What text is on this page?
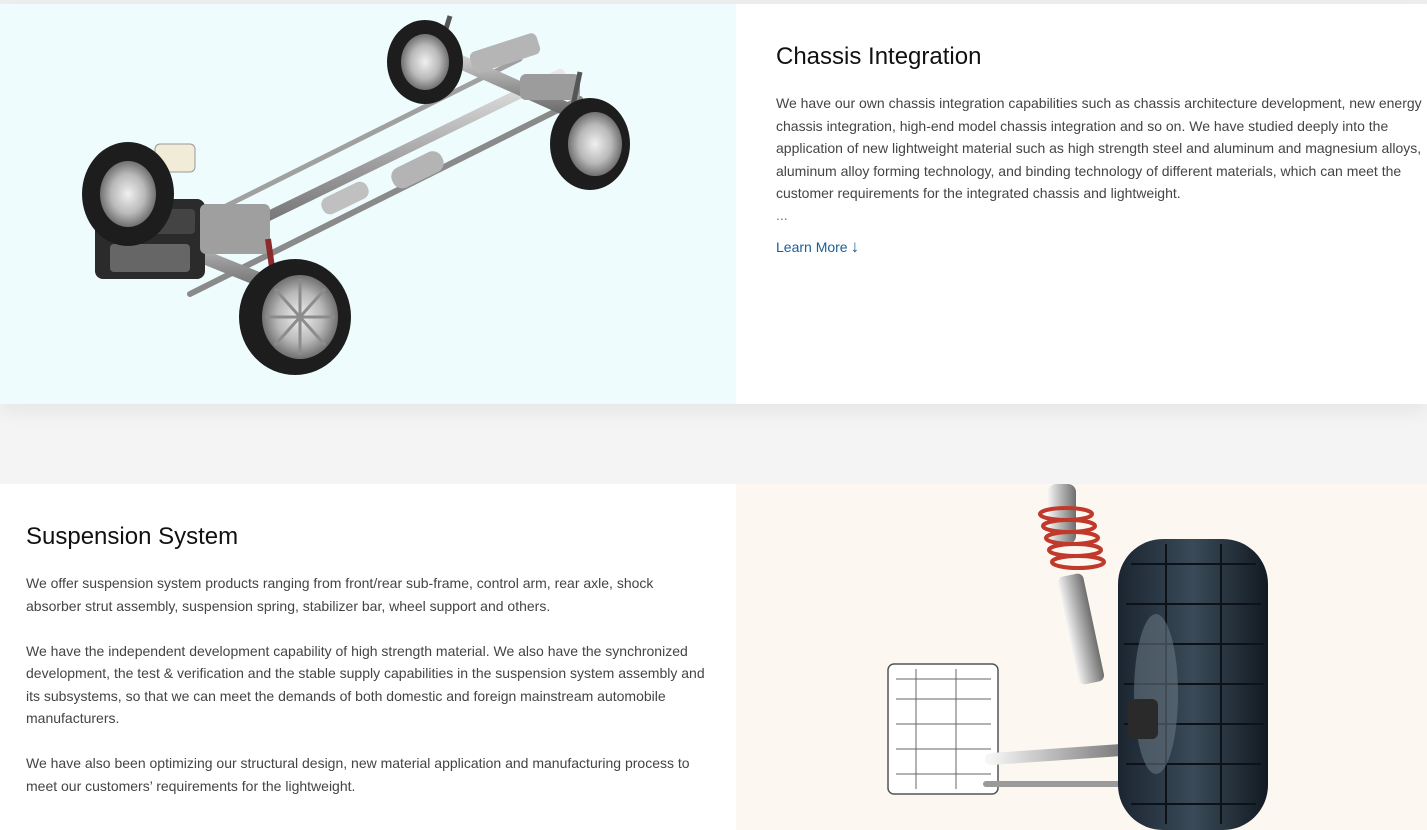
Chassis Integration

We have our own chassis integration capabilities such as chassis architecture development, new energy chassis integration, high-end model chassis integration and so on. We have studied deeply into the application of new lightweight material such as high strength steel and aluminum and magnesium alloys, aluminum alloy forming technology, and binding technology of different materials, which can meet the customer requirements for the integrated chassis and lightweight.

...
Learn More ↓
Suspension System

We offer suspension system products ranging from front/rear sub-frame, control arm, rear axle, shock absorber strut assembly, suspension spring, stabilizer bar, wheel support and others.

We have the independent development capability of high strength material. We also have the synchronized development, the test & verification and the stable supply capabilities in the suspension system assembly and its subsystems, so that we can meet the demands of both domestic and foreign mainstream automobile manufacturers.

We have also been optimizing our structural design, new material application and manufacturing process to meet our customers’ requirements for the lightweight.
